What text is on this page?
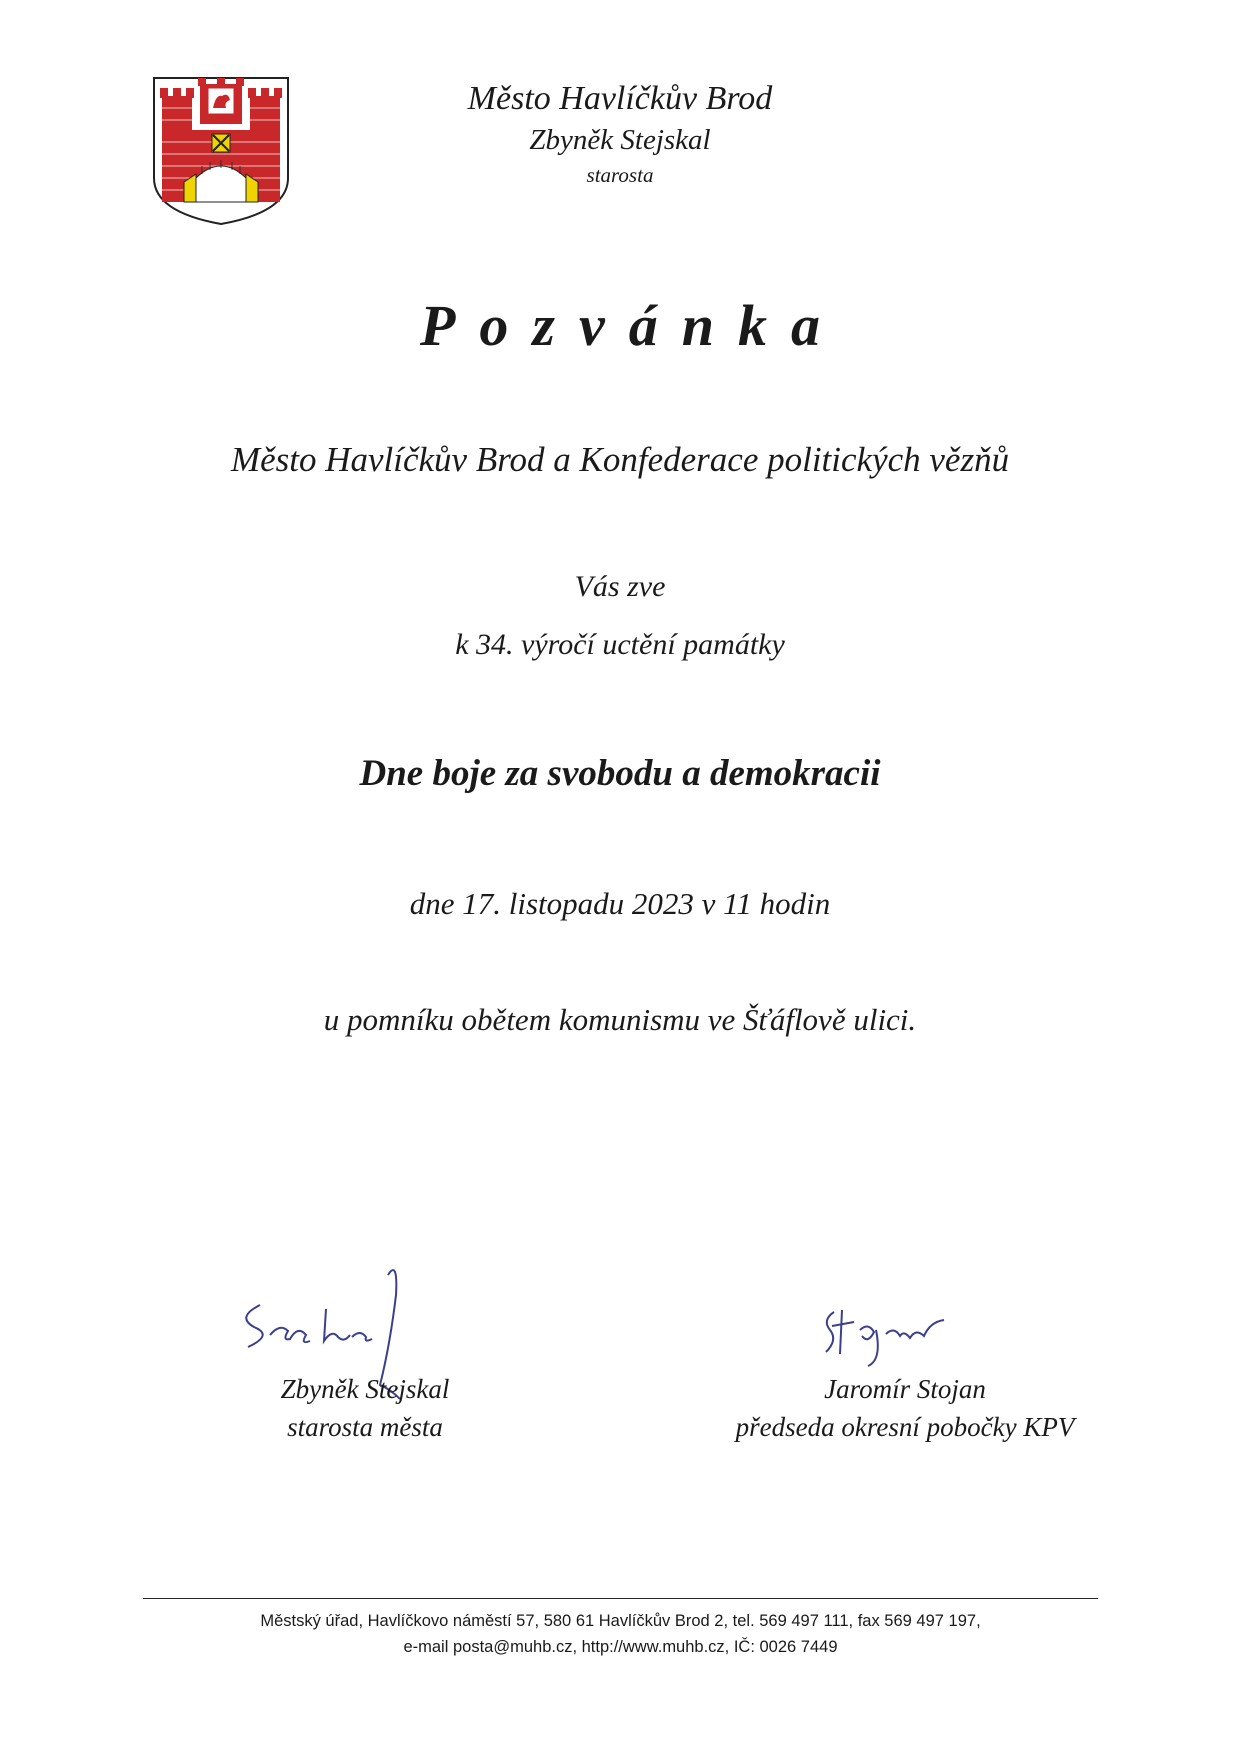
Město Havlíčkův Brod
Zbyněk Stejskal
starosta
Pozvánka
Město Havlíčkův Brod a Konfederace politických vězňů
Vás zve
k 34. výročí uctění památky
Dne boje za svobodu a demokracii
dne 17. listopadu 2023 v 11 hodin
u pomníku obětem komunismu ve Šťáflově ulici.
Zbyněk Stejskal
starosta města
Jaromír Stojan
předseda okresní pobočky KPV
Městský úřad, Havlíčkovo náměstí 57, 580 61 Havlíčkův Brod 2, tel. 569 497 111, fax 569 497 197,
e-mail posta@muhb.cz, http://www.muhb.cz, IČ: 0026 7449
